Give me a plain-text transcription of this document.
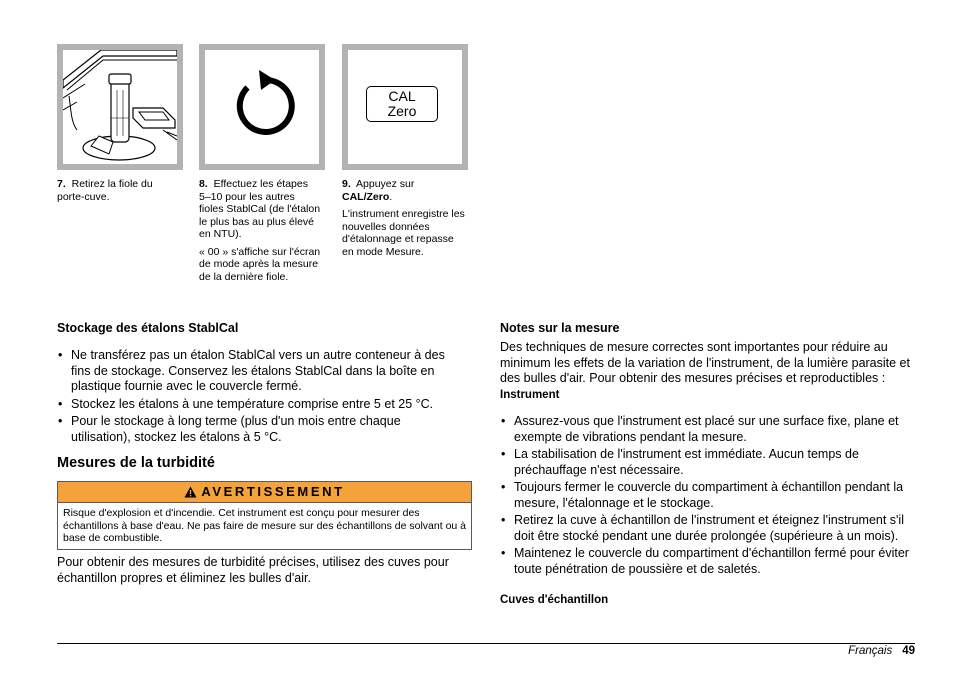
CAL
Zero

7. Retirez la fiole du porte-cuve.

8. Effectuez les étapes 5–10 pour les autres fioles StablCal (de l'étalon le plus bas au plus élevé en NTU).

« 00 » s'affiche sur l'écran de mode après la mesure de la dernière fiole.

9. Appuyez sur
CAL/Zero.

L'instrument enregistre les nouvelles données d'étalonnage et repasse en mode Mesure.

Stockage des étalons StablCal
• Ne transférez pas un étalon StablCal vers un autre conteneur à des fins de stockage. Conservez les étalons StablCal dans la boîte en plastique fournie avec le couvercle fermé.
• Stockez les étalons à une température comprise entre 5 et 25 °C.
• Pour le stockage à long terme (plus d'un mois entre chaque utilisation), stockez les étalons à 5 °C.
Mesures de la turbidité
AVERTISSEMENT
Risque d'explosion et d'incendie. Cet instrument est conçu pour mesurer des échantillons à base d'eau. Ne pas faire de mesure sur des échantillons de solvant ou à base de combustible.

Pour obtenir des mesures de turbidité précises, utilisez des cuves pour échantillon propres et éliminez les bulles d'air.

Notes sur la mesure

Des techniques de mesure correctes sont importantes pour réduire au minimum les effets de la variation de l'instrument, de la lumière parasite et des bulles d'air. Pour obtenir des mesures précises et reproductibles :

Instrument

• Assurez-vous que l'instrument est placé sur une surface fixe, plane et exempte de vibrations pendant la mesure.
• La stabilisation de l'instrument est immédiate. Aucun temps de préchauffage n'est nécessaire.
• Toujours fermer le couvercle du compartiment à échantillon pendant la mesure, l'étalonnage et le stockage.
• Retirez la cuve à échantillon de l'instrument et éteignez l'instrument s'il doit être stocké pendant une durée prolongée (supérieure à un mois).
• Maintenez le couvercle du compartiment d'échantillon fermé pour éviter toute pénétration de poussière et de saletés.

Cuves d'échantillon

Français 49
